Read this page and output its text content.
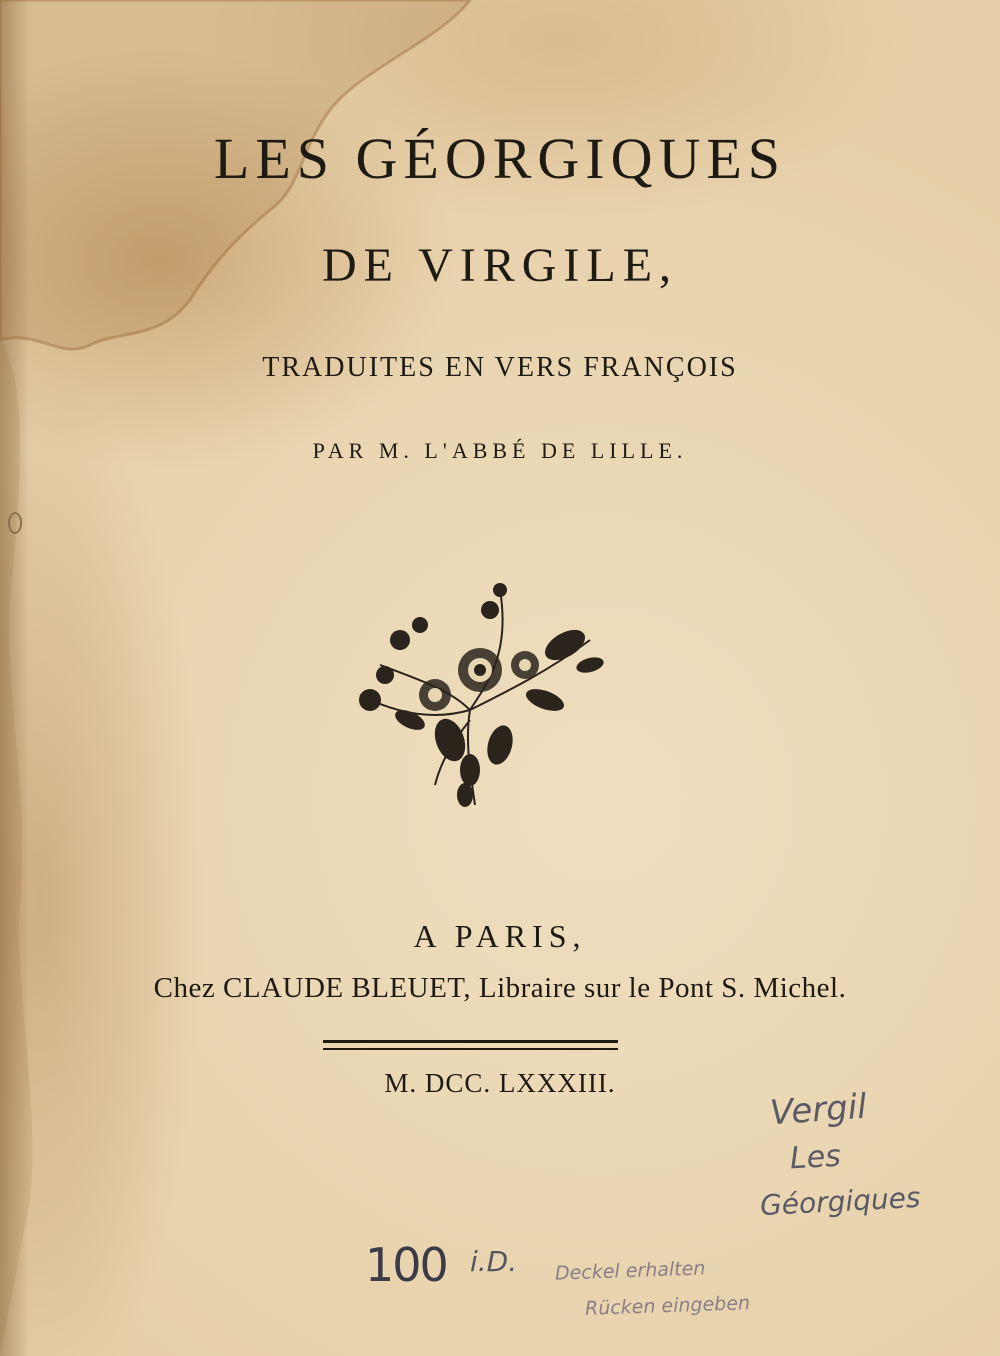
LES GÉORGIQUES
DE VIRGILE,
TRADUITES EN VERS FRANÇOIS
PAR M. L'ABBÉ DE LILLE.
A PARIS,
Chez CLAUDE BLEUET, Libraire sur le Pont S. Michel.
M. DCC. LXXXIII.
Vergil
Les
Géorgiques
100 i.D. Deckel erhalten
Rücken eingeben
